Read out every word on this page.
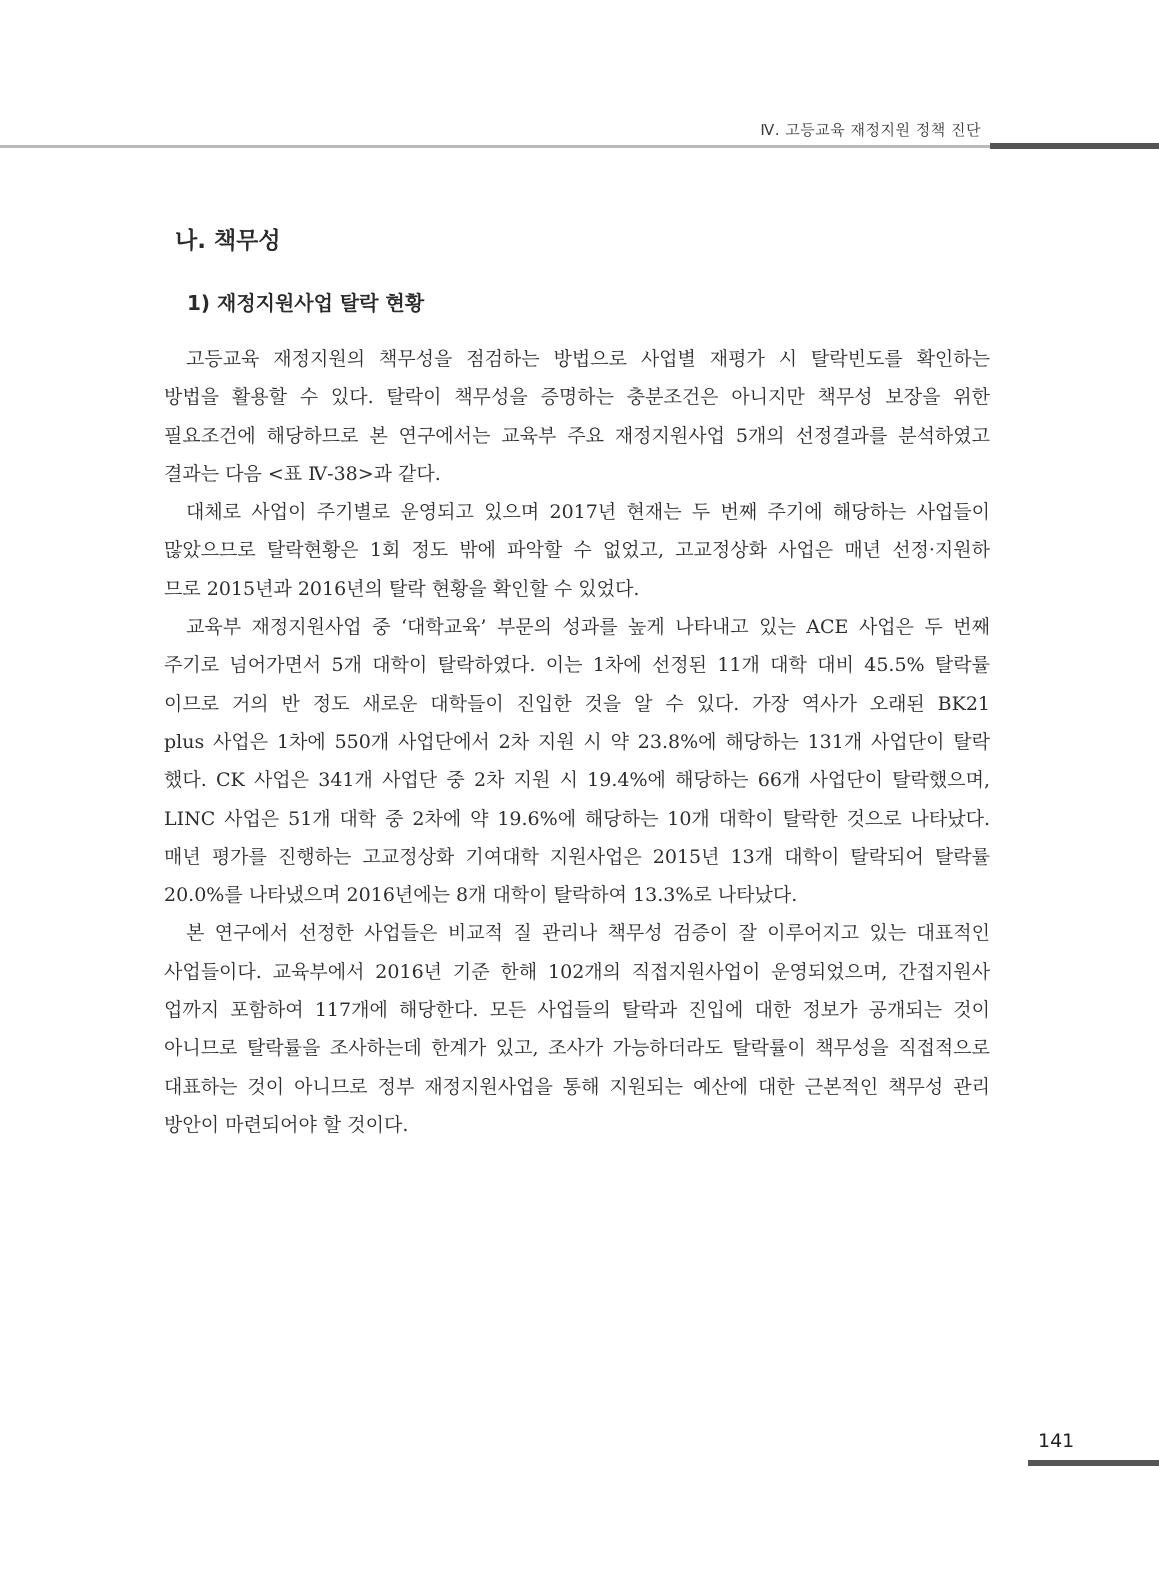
Ⅳ. 고등교육 재정지원 정책 진단
나. 책무성
1) 재정지원사업 탈락 현황
고등교육 재정지원의 책무성을 점검하는 방법으로 사업별 재평가 시 탈락빈도를 확인하는
방법을 활용할 수 있다. 탈락이 책무성을 증명하는 충분조건은 아니지만 책무성 보장을 위한
필요조건에 해당하므로 본 연구에서는 교육부 주요 재정지원사업 5개의 선정결과를 분석하였고
결과는 다음 <표 Ⅳ-38>과 같다.
대체로 사업이 주기별로 운영되고 있으며 2017년 현재는 두 번째 주기에 해당하는 사업들이
많았으므로 탈락현황은 1회 정도 밖에 파악할 수 없었고, 고교정상화 사업은 매년 선정·지원하
므로 2015년과 2016년의 탈락 현황을 확인할 수 있었다.
교육부 재정지원사업 중 ‘대학교육’ 부문의 성과를 높게 나타내고 있는 ACE 사업은 두 번째
주기로 넘어가면서 5개 대학이 탈락하였다. 이는 1차에 선정된 11개 대학 대비 45.5% 탈락률
이므로 거의 반 정도 새로운 대학들이 진입한 것을 알 수 있다. 가장 역사가 오래된 BK21
plus 사업은 1차에 550개 사업단에서 2차 지원 시 약 23.8%에 해당하는 131개 사업단이 탈락
했다. CK 사업은 341개 사업단 중 2차 지원 시 19.4%에 해당하는 66개 사업단이 탈락했으며,
LINC 사업은 51개 대학 중 2차에 약 19.6%에 해당하는 10개 대학이 탈락한 것으로 나타났다.
매년 평가를 진행하는 고교정상화 기여대학 지원사업은 2015년 13개 대학이 탈락되어 탈락률
20.0%를 나타냈으며 2016년에는 8개 대학이 탈락하여 13.3%로 나타났다.
본 연구에서 선정한 사업들은 비교적 질 관리나 책무성 검증이 잘 이루어지고 있는 대표적인
사업들이다. 교육부에서 2016년 기준 한해 102개의 직접지원사업이 운영되었으며, 간접지원사
업까지 포함하여 117개에 해당한다. 모든 사업들의 탈락과 진입에 대한 정보가 공개되는 것이
아니므로 탈락률을 조사하는데 한계가 있고, 조사가 가능하더라도 탈락률이 책무성을 직접적으로
대표하는 것이 아니므로 정부 재정지원사업을 통해 지원되는 예산에 대한 근본적인 책무성 관리
방안이 마련되어야 할 것이다.
141
